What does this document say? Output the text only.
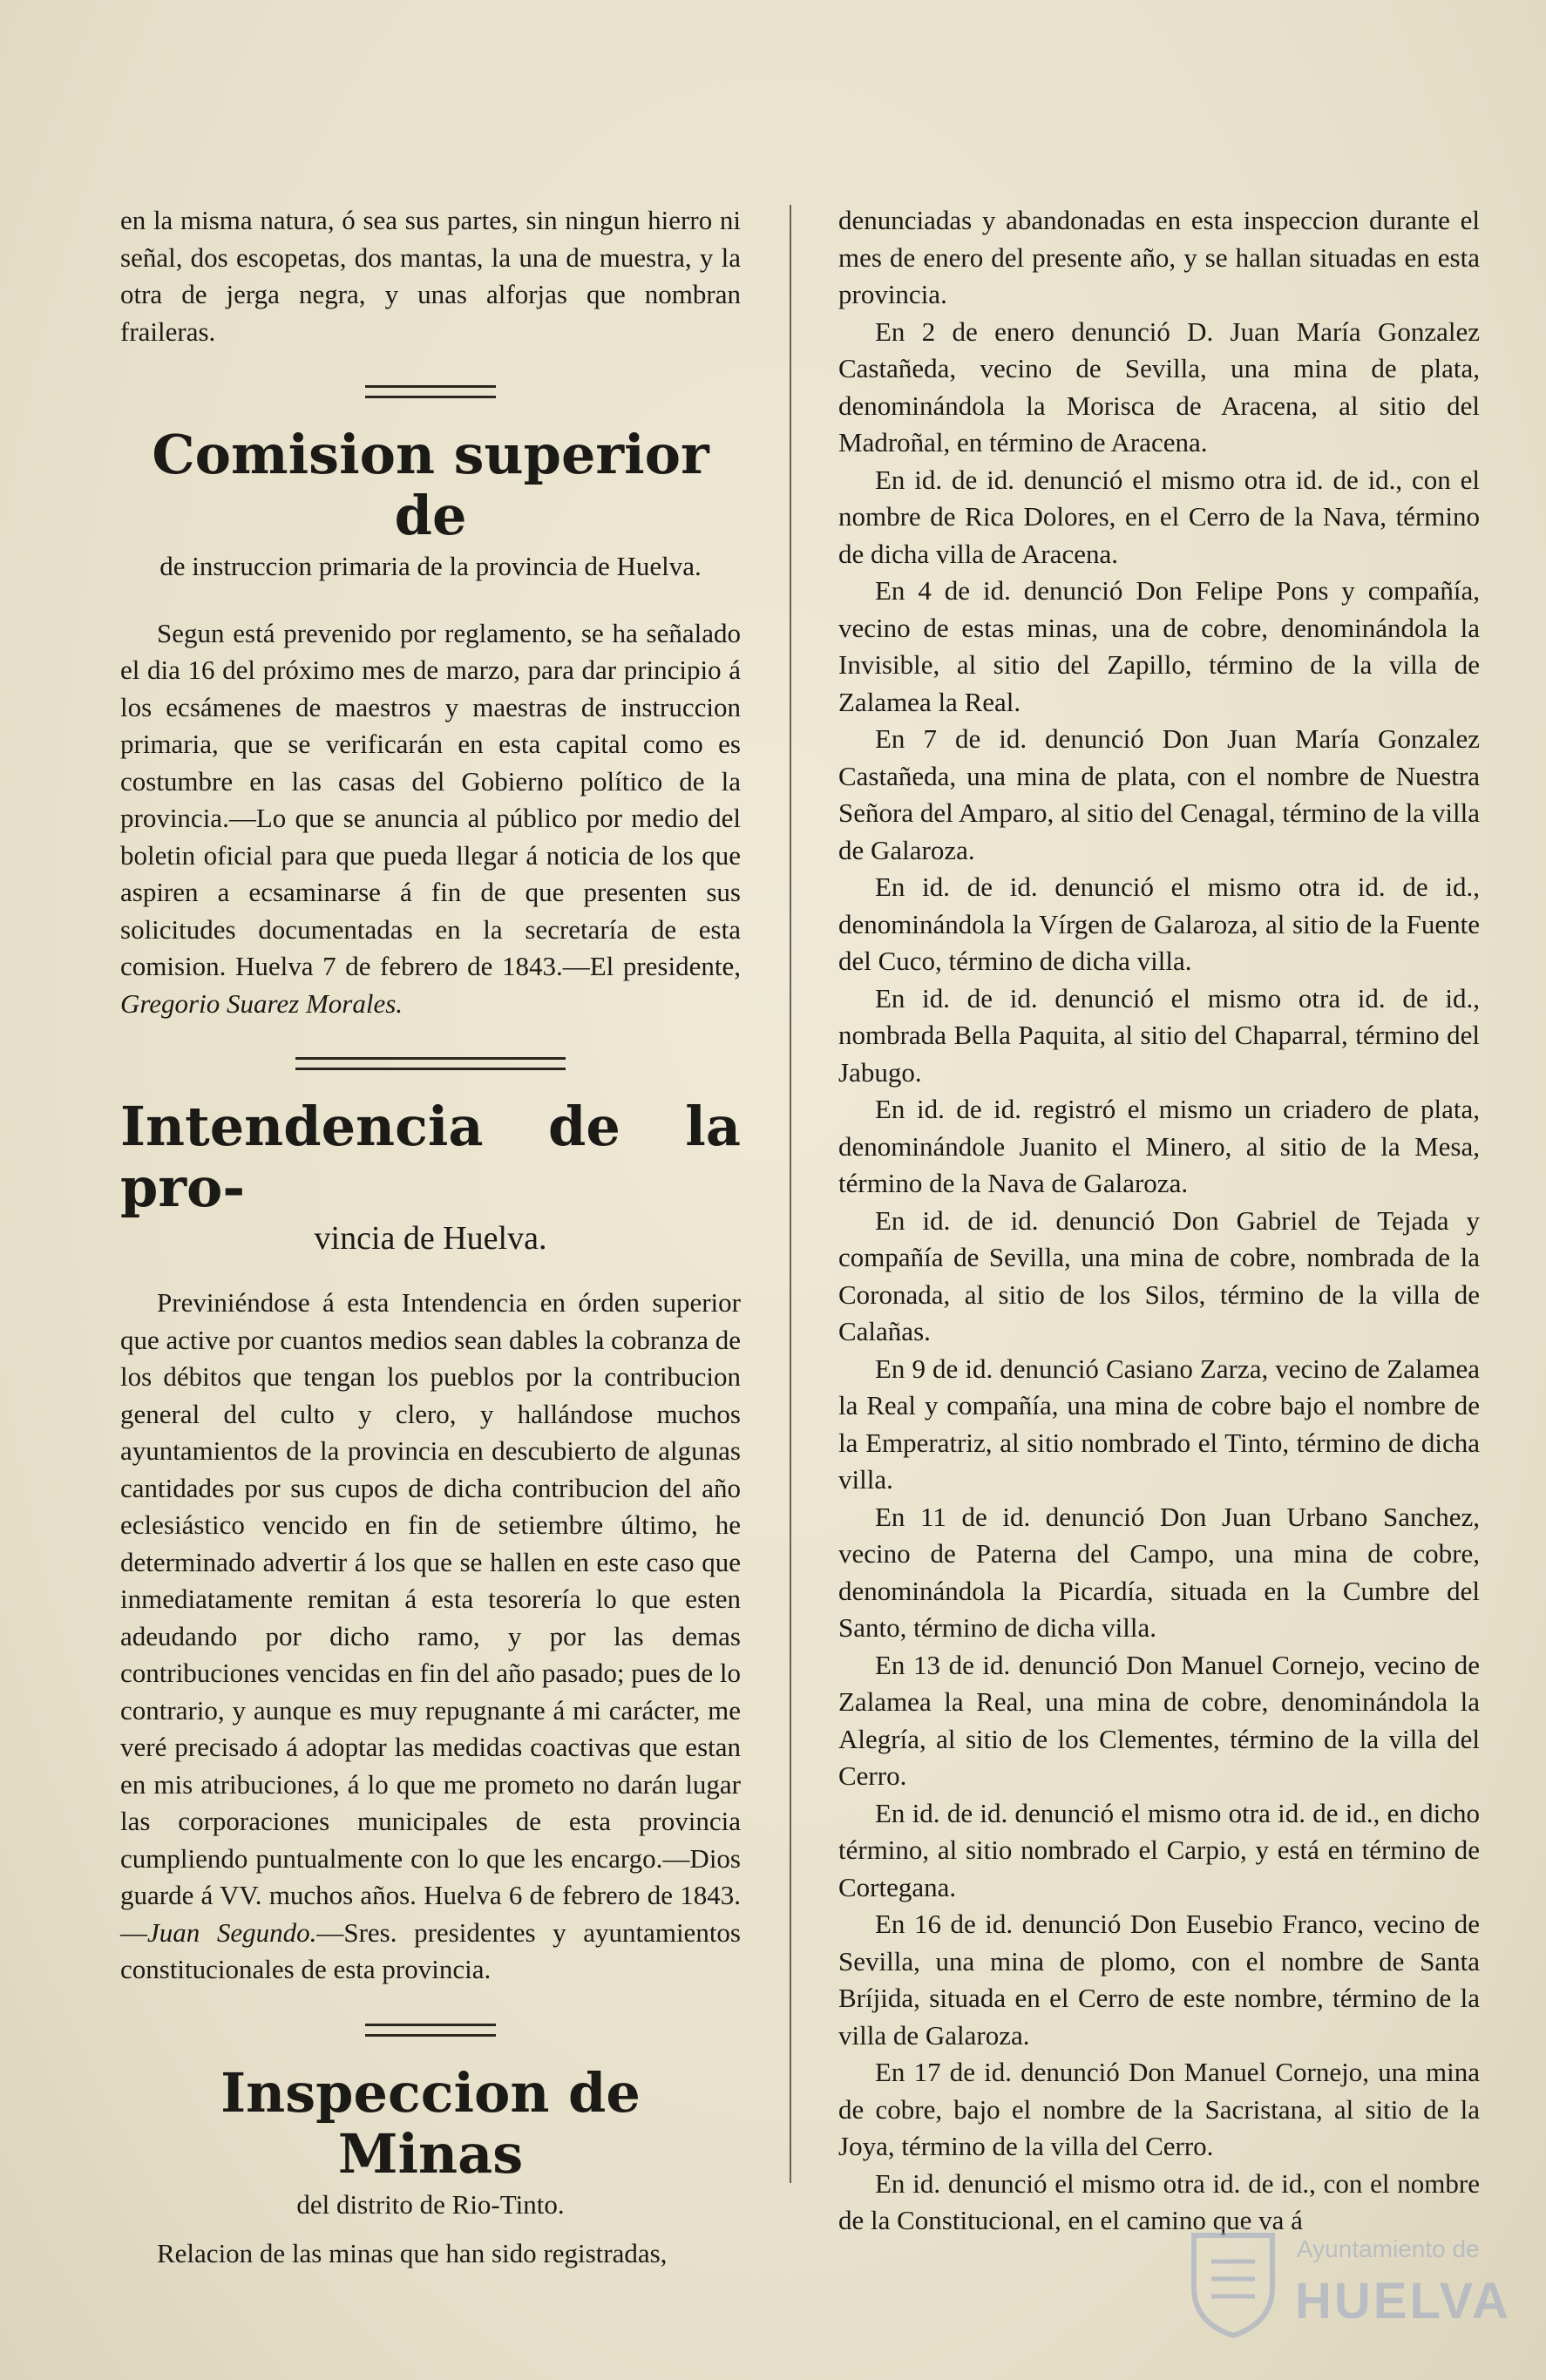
en la misma natura, ó sea sus partes, sin ningun hierro ni señal, dos escopetas, dos mantas, la una de muestra, y la otra de jerga negra, y unas alforjas que nombran fraileras.

Comision superior de
de instruccion primaria de la provincia de Huelva.

Segun está prevenido por reglamento, se ha señalado el dia 16 del próximo mes de marzo, para dar principio á los ecsámenes de maestros y maestras de instruccion primaria, que se verificarán en esta capital como es costumbre en las casas del Gobierno político de la provincia.—Lo que se anuncia al público por medio del boletin oficial para que pueda llegar á noticia de los que aspiren a ecsaminarse á fin de que presenten sus solicitudes documentadas en la secretaría de esta comision. Huelva 7 de febrero de 1843.—El presidente, Gregorio Suarez Morales.

Intendencia de la pro-
vincia de Huelva.

Previniéndose á esta Intendencia en órden superior que active por cuantos medios sean dables la cobranza de los débitos que tengan los pueblos por la contribucion general del culto y clero, y hallándose muchos ayuntamientos de la provincia en descubierto de algunas cantidades por sus cupos de dicha contribucion del año eclesiástico vencido en fin de setiembre último, he determinado advertir á los que se hallen en este caso que inmediatamente remitan á esta tesorería lo que esten adeudando por dicho ramo, y por las demas contribuciones vencidas en fin del año pasado; pues de lo contrario, y aunque es muy repugnante á mi carácter, me veré precisado á adoptar las medidas coactivas que estan en mis atribuciones, á lo que me prometo no darán lugar las corporaciones municipales de esta provincia cumpliendo puntualmente con lo que les encargo.—Dios guarde á VV. muchos años. Huelva 6 de febrero de 1843.—Juan Segundo.—Sres. presidentes y ayuntamientos constitucionales de esta provincia.

Inspeccion de Minas
del distrito de Rio-Tinto.

Relacion de las minas que han sido registradas,

denunciadas y abandonadas en esta inspeccion durante el mes de enero del presente año, y se hallan situadas en esta provincia.

En 2 de enero denunció D. Juan María Gonzalez Castañeda, vecino de Sevilla, una mina de plata, denominándola la Morisca de Aracena, al sitio del Madroñal, en término de Aracena.

En id. de id. denunció el mismo otra id. de id., con el nombre de Rica Dolores, en el Cerro de la Nava, término de dicha villa de Aracena.

En 4 de id. denunció Don Felipe Pons y compañía, vecino de estas minas, una de cobre, denominándola la Invisible, al sitio del Zapillo, término de la villa de Zalamea la Real.

En 7 de id. denunció Don Juan María Gonzalez Castañeda, una mina de plata, con el nombre de Nuestra Señora del Amparo, al sitio del Cenagal, término de la villa de Galaroza.

En id. de id. denunció el mismo otra id. de id., denominándola la Vírgen de Galaroza, al sitio de la Fuente del Cuco, término de dicha villa.

En id. de id. denunció el mismo otra id. de id., nombrada Bella Paquita, al sitio del Chaparral, término del Jabugo.

En id. de id. registró el mismo un criadero de plata, denominándole Juanito el Minero, al sitio de la Mesa, término de la Nava de Galaroza.

En id. de id. denunció Don Gabriel de Tejada y compañía de Sevilla, una mina de cobre, nombrada de la Coronada, al sitio de los Silos, término de la villa de Calañas.

En 9 de id. denunció Casiano Zarza, vecino de Zalamea la Real y compañía, una mina de cobre bajo el nombre de la Emperatriz, al sitio nombrado el Tinto, término de dicha villa.

En 11 de id. denunció Don Juan Urbano Sanchez, vecino de Paterna del Campo, una mina de cobre, denominándola la Picardía, situada en la Cumbre del Santo, término de dicha villa.

En 13 de id. denunció Don Manuel Cornejo, vecino de Zalamea la Real, una mina de cobre, denominándola la Alegría, al sitio de los Clementes, término de la villa del Cerro.

En id. de id. denunció el mismo otra id. de id., en dicho término, al sitio nombrado el Carpio, y está en término de Cortegana.

En 16 de id. denunció Don Eusebio Franco, vecino de Sevilla, una mina de plomo, con el nombre de Santa Bríjida, situada en el Cerro de este nombre, término de la villa de Galaroza.

En 17 de id. denunció Don Manuel Cornejo, una mina de cobre, bajo el nombre de la Sacristana, al sitio de la Joya, término de la villa del Cerro.

En id. denunció el mismo otra id. de id., con el nombre de la Constitucional, en el camino que va á

Ayuntamiento de
HUELVA
